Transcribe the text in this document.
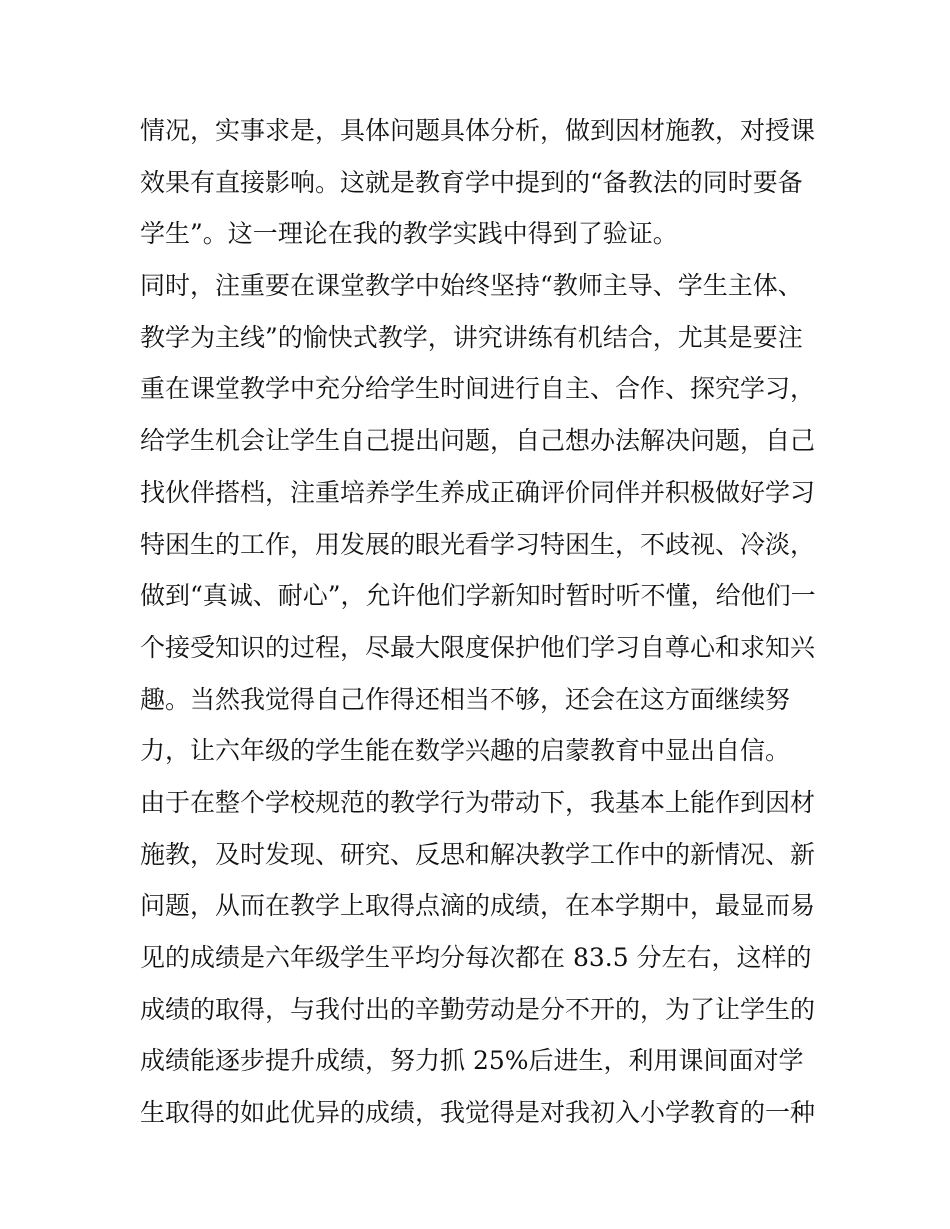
情况，实事求是，具体问题具体分析，做到因材施教，对授课
效果有直接影响。这就是教育学中提到的“备教法的同时要备
学生”。这一理论在我的教学实践中得到了验证。
同时，注重要在课堂教学中始终坚持“教师主导、学生主体、
教学为主线”的愉快式教学，讲究讲练有机结合，尤其是要注
重在课堂教学中充分给学生时间进行自主、合作、探究学习，
给学生机会让学生自己提出问题，自己想办法解决问题，自己
找伙伴搭档，注重培养学生养成正确评价同伴并积极做好学习
特困生的工作，用发展的眼光看学习特困生，不歧视、冷淡，
做到“真诚、耐心”，允许他们学新知时暂时听不懂，给他们一
个接受知识的过程，尽最大限度保护他们学习自尊心和求知兴
趣。当然我觉得自己作得还相当不够，还会在这方面继续努
力，让六年级的学生能在数学兴趣的启蒙教育中显出自信。
由于在整个学校规范的教学行为带动下，我基本上能作到因材
施教，及时发现、研究、反思和解决教学工作中的新情况、新
问题，从而在教学上取得点滴的成绩，在本学期中，最显而易
见的成绩是六年级学生平均分每次都在 83.5 分左右，这样的
成绩的取得，与我付出的辛勤劳动是分不开的，为了让学生的
成绩能逐步提升成绩，努力抓 25%后进生，利用课间面对学
生取得的如此优异的成绩，我觉得是对我初入小学教育的一种
